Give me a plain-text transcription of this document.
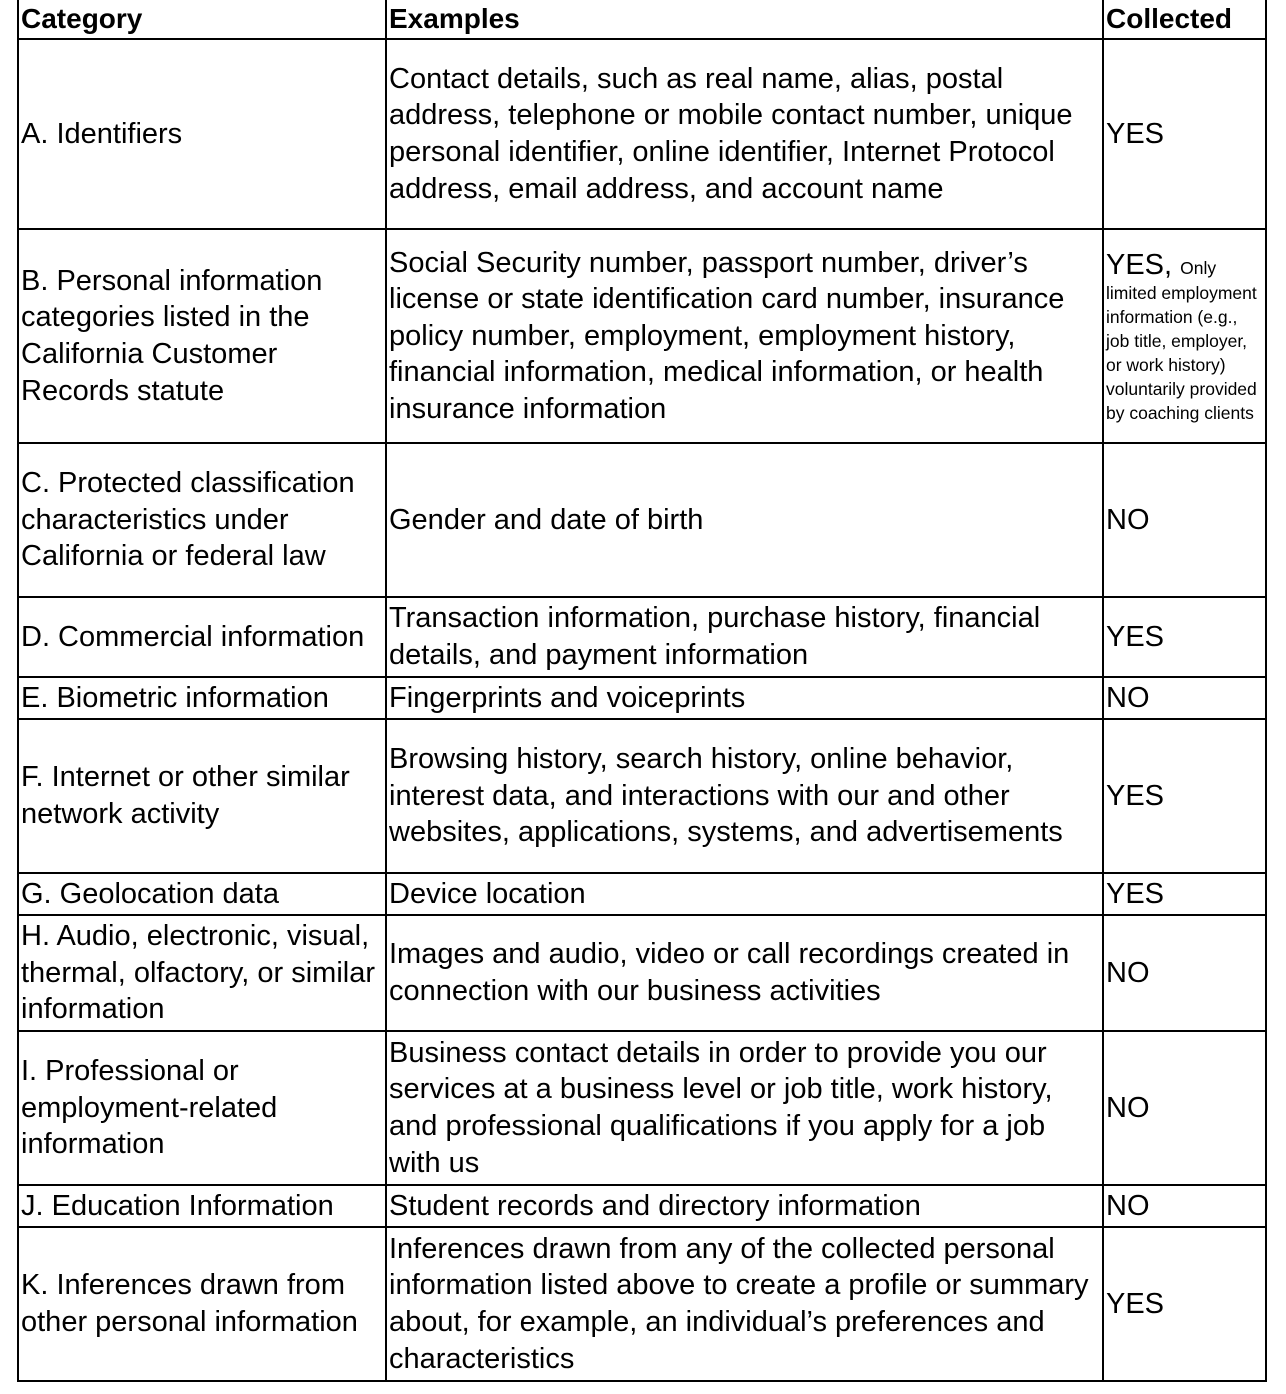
Category	Examples	Collected
A. Identifiers	Contact details, such as real name, alias, postal address, telephone or mobile contact number, unique personal identifier, online identifier, Internet Protocol address, email address, and account name	YES
B. Personal information categories listed in the California Customer Records statute	Social Security number, passport number, driver’s license or state identification card number, insurance policy number, employment, employment history, financial information, medical information, or health insurance information	YES, Only limited employment information (e.g., job title, employer, or work history) voluntarily provided by coaching clients
C. Protected classification characteristics under California or federal law	Gender and date of birth	NO
D. Commercial information	Transaction information, purchase history, financial details, and payment information	YES
E. Biometric information	Fingerprints and voiceprints	NO
F. Internet or other similar network activity	Browsing history, search history, online behavior, interest data, and interactions with our and other websites, applications, systems, and advertisements	YES
G. Geolocation data	Device location	YES
H. Audio, electronic, visual, thermal, olfactory, or similar information	Images and audio, video or call recordings created in connection with our business activities	NO
I. Professional or employment-related information	Business contact details in order to provide you our services at a business level or job title, work history, and professional qualifications if you apply for a job with us	NO
J. Education Information	Student records and directory information	NO
K. Inferences drawn from other personal information	Inferences drawn from any of the collected personal information listed above to create a profile or summary about, for example, an individual’s preferences and characteristics	YES
